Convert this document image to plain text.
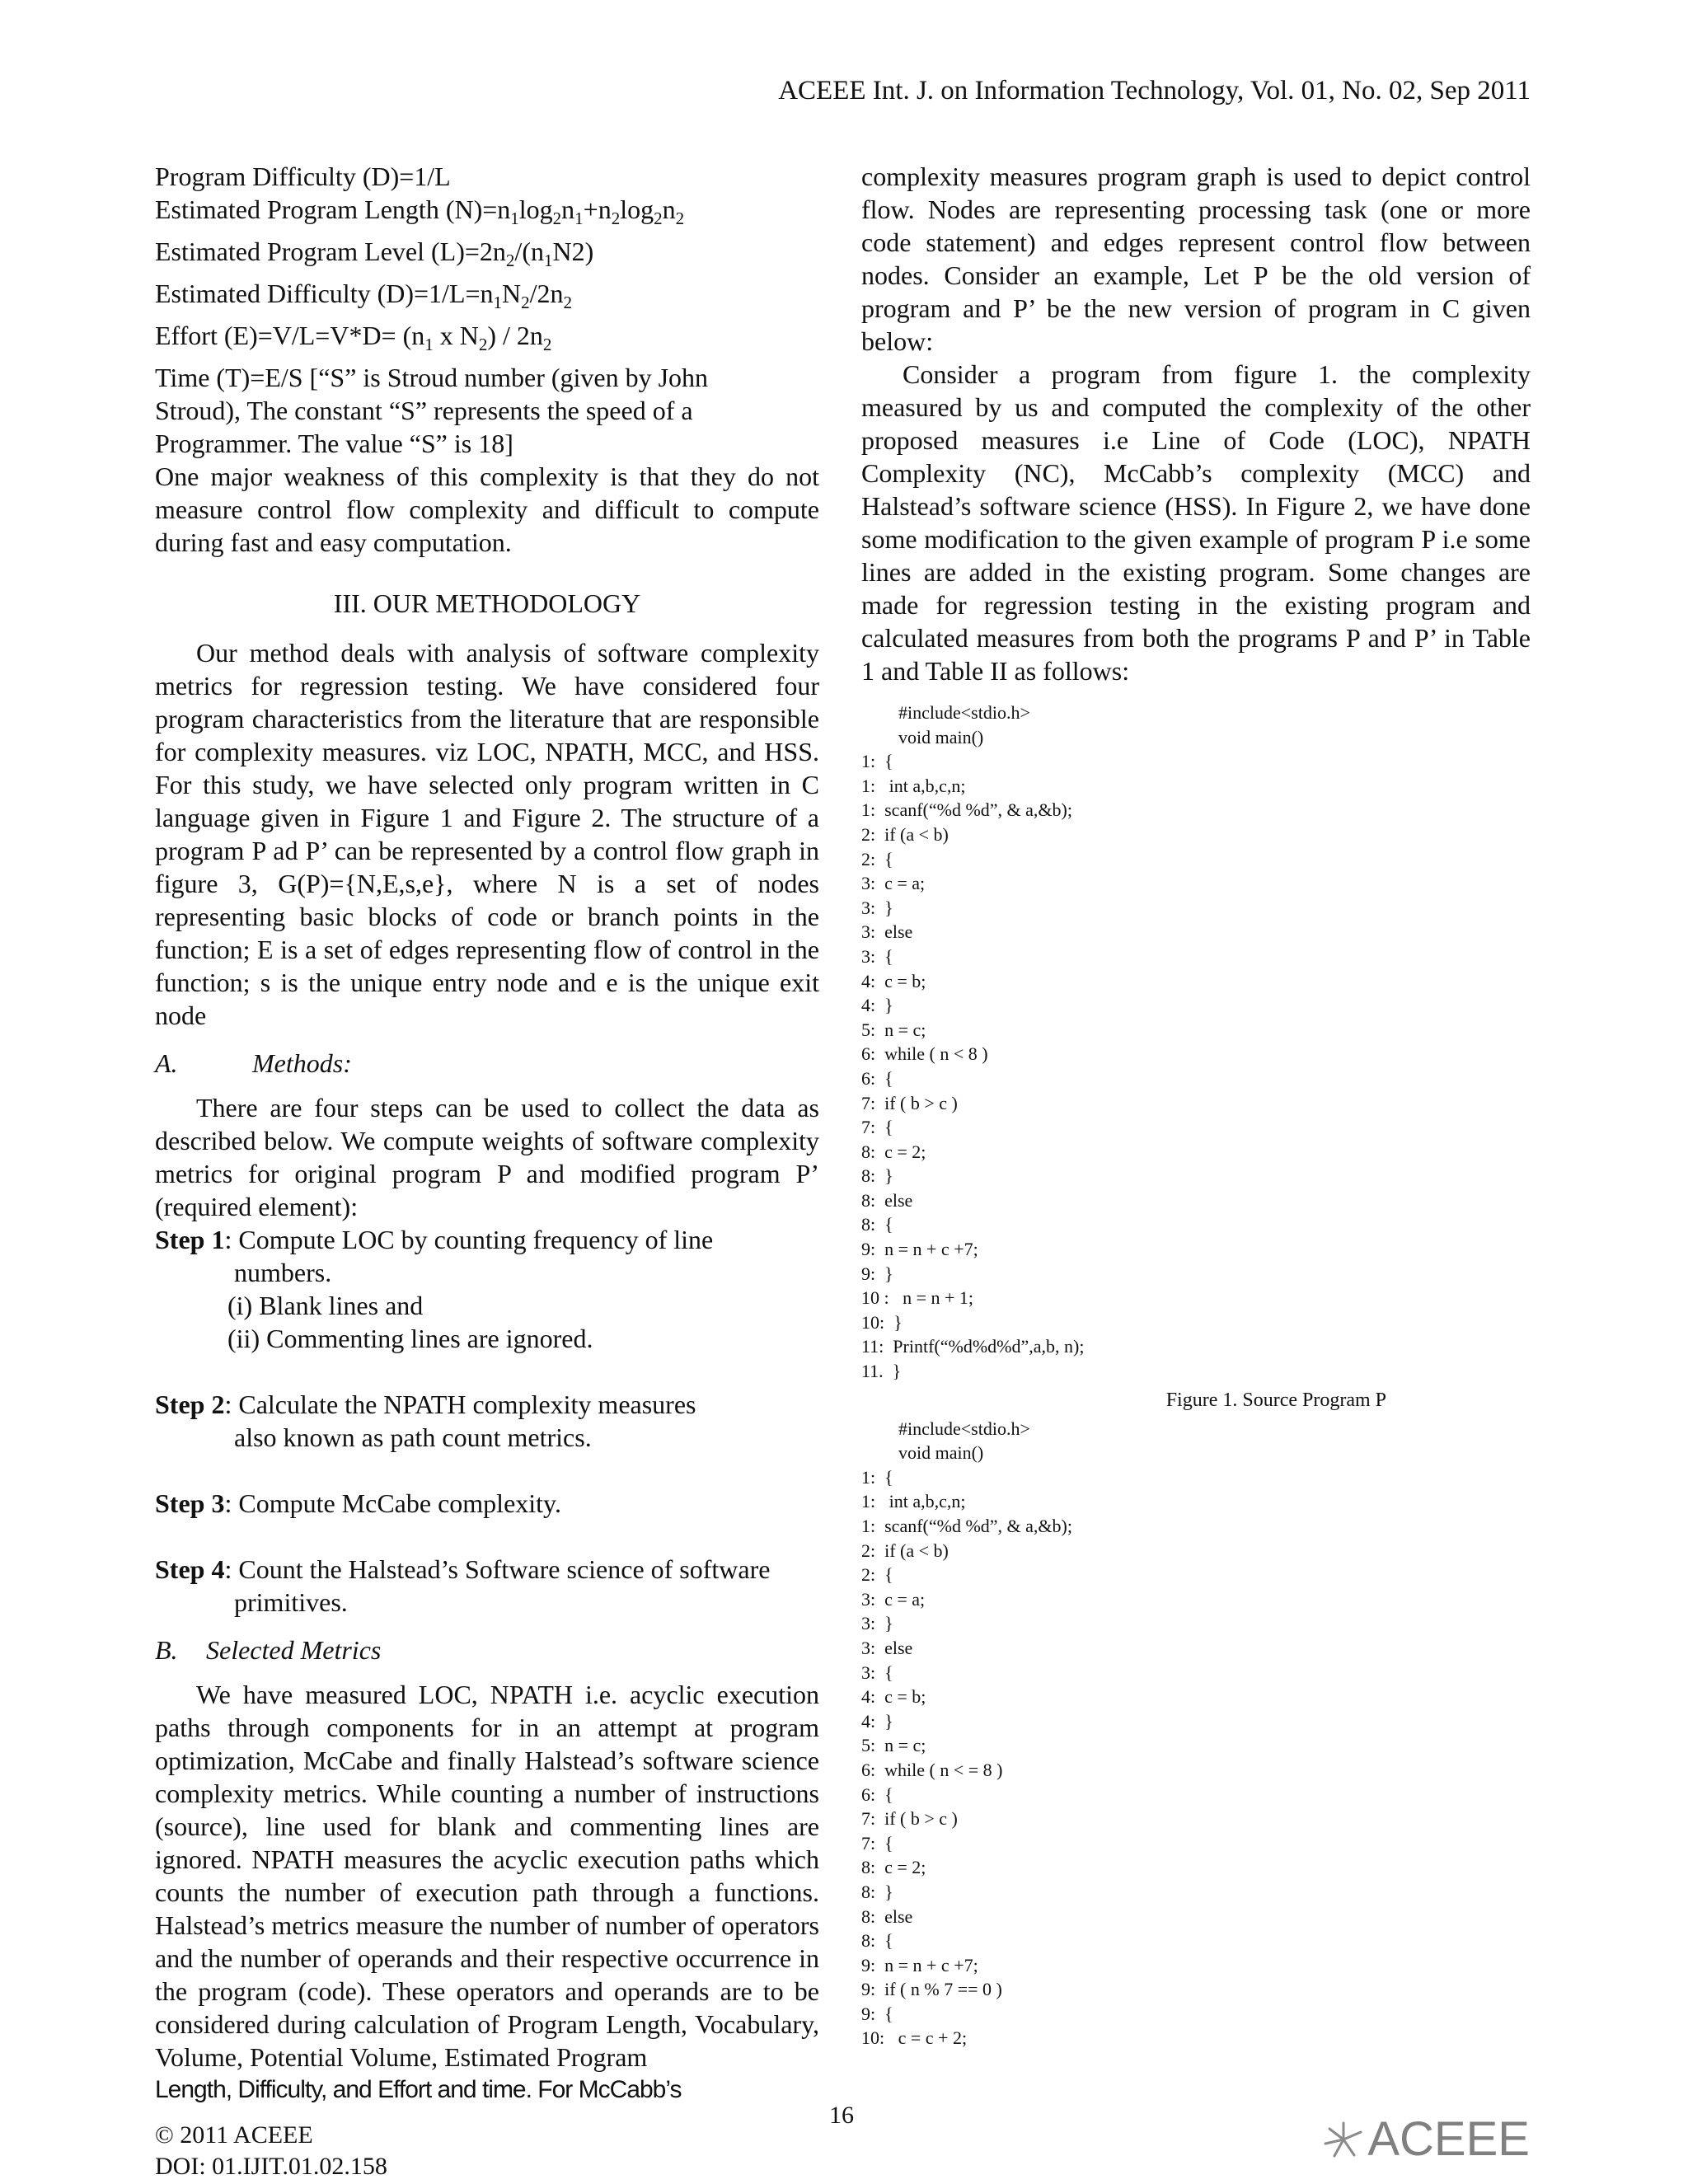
ACEEE Int. J. on Information Technology, Vol. 01, No. 02, Sep 2011

Program Difficulty (D)=1/L

Estimated Program Length $(N)=n_1\log_2n_1+n_2\log_2n_2$

Estimated Program Level $(L)=2n_2/(n_1N2)$

Estimated Difficulty $(D)=1/L=n_1N_2/2n_2$

Effort $(E)=V/L=V*D= (n_1$ x $N_2) / 2n_2$

Time (T)=E/S [“S” is Stroud number (given by John

Stroud), The constant “S” represents the speed of a

Programmer. The value “S” is 18]

One major weakness of this complexity is that they do not measure control flow complexity and difficult to compute during fast and easy computation.

III. OUR METHODOLOGY

Our method deals with analysis of software complexity metrics for regression testing. We have considered four program characteristics from the literature that are responsible for complexity measures. viz LOC, NPATH, MCC, and HSS. For this study, we have selected only program written in C language given in Figure 1 and Figure 2. The structure of a program P ad P’ can be represented by a control flow graph in figure 3, G(P)={N,E,s,e}, where N is a set of nodes representing basic blocks of code or branch points in the function; E is a set of edges representing flow of control in the function; s is the unique entry node and e is the unique exit node

A.	Methods:

There are four steps can be used to collect the data as described below. We compute weights of software complexity metrics for original program P and modified program P’ (required element):

Step 1: Compute LOC by counting frequency of line

numbers.

(i) Blank lines and

(ii) Commenting lines are ignored.

Step 2: Calculate the NPATH complexity measures

also known as path count metrics.

Step 3: Compute McCabe complexity.

Step 4: Count the Halstead’s Software science of software

primitives.

B. Selected Metrics

We have measured LOC, NPATH i.e. acyclic execution paths through components for in an attempt at program optimization, McCabe and finally Halstead’s software science complexity metrics. While counting a number of instructions (source), line used for blank and commenting lines are ignored. NPATH measures the acyclic execution paths which counts the number of execution path through a functions. Halstead’s metrics measure the number of number of operators and the number of operands and their respective occurrence in the program (code). These operators and operands are to be considered during calculation of Program Length, Vocabulary, Volume, Potential Volume, Estimated Program

Length, Difficulty, and Effort and time. For McCabb’s

complexity measures program graph is used to depict control flow. Nodes are representing processing task (one or more code statement) and edges represent control flow between nodes. Consider an example, Let P be the old version of program and P’ be the new version of program in C given below:

Consider a program from figure 1. the complexity measured by us and computed the complexity of the other proposed measures i.e Line of Code (LOC), NPATH Complexity (NC), McCabb’s complexity (MCC) and Halstead’s software science (HSS). In Figure 2, we have done some modification to the given example of program P i.e some lines are added in the existing program. Some changes are made for regression testing in the existing program and calculated measures from both the programs P and P’ in Table 1 and Table II as follows:

#include<stdio.h>
void main()
1:  {
1:   int a,b,c,n;
1:  scanf(“%d %d”, & a,&b);
2:  if (a < b)
2:  {
3:  c = a;
3:  }
3:  else
3:  {
4:  c = b;
4:  }
5:  n = c;
6:  while ( n < 8 )
6:  {
7:  if ( b > c )
7:  {
8:  c = 2;
8:  }
8:  else
8:  {
9:  n = n + c +7;
9:  }
10 :   n = n + 1;
10:  }
11:  Printf(“%d%d%d”,a,b, n);
11.  }

Figure 1. Source Program P

#include<stdio.h>
void main()
1:  {
1:   int a,b,c,n;
1:  scanf(“%d %d”, & a,&b);
2:  if (a < b)
2:  {
3:  c = a;
3:  }
3:  else
3:  {
4:  c = b;
4:  }
5:  n = c;
6:  while ( n < = 8 )
6:  {
7:  if ( b > c )
7:  {
8:  c = 2;
8:  }
8:  else
8:  {
9:  n = n + c +7;
9:  if ( n % 7 == 0 )
9:  {
10:   c = c + 2;
16
© 2011 ACEEE
DOI: 01.IJIT.01.02.158
ACEEE
